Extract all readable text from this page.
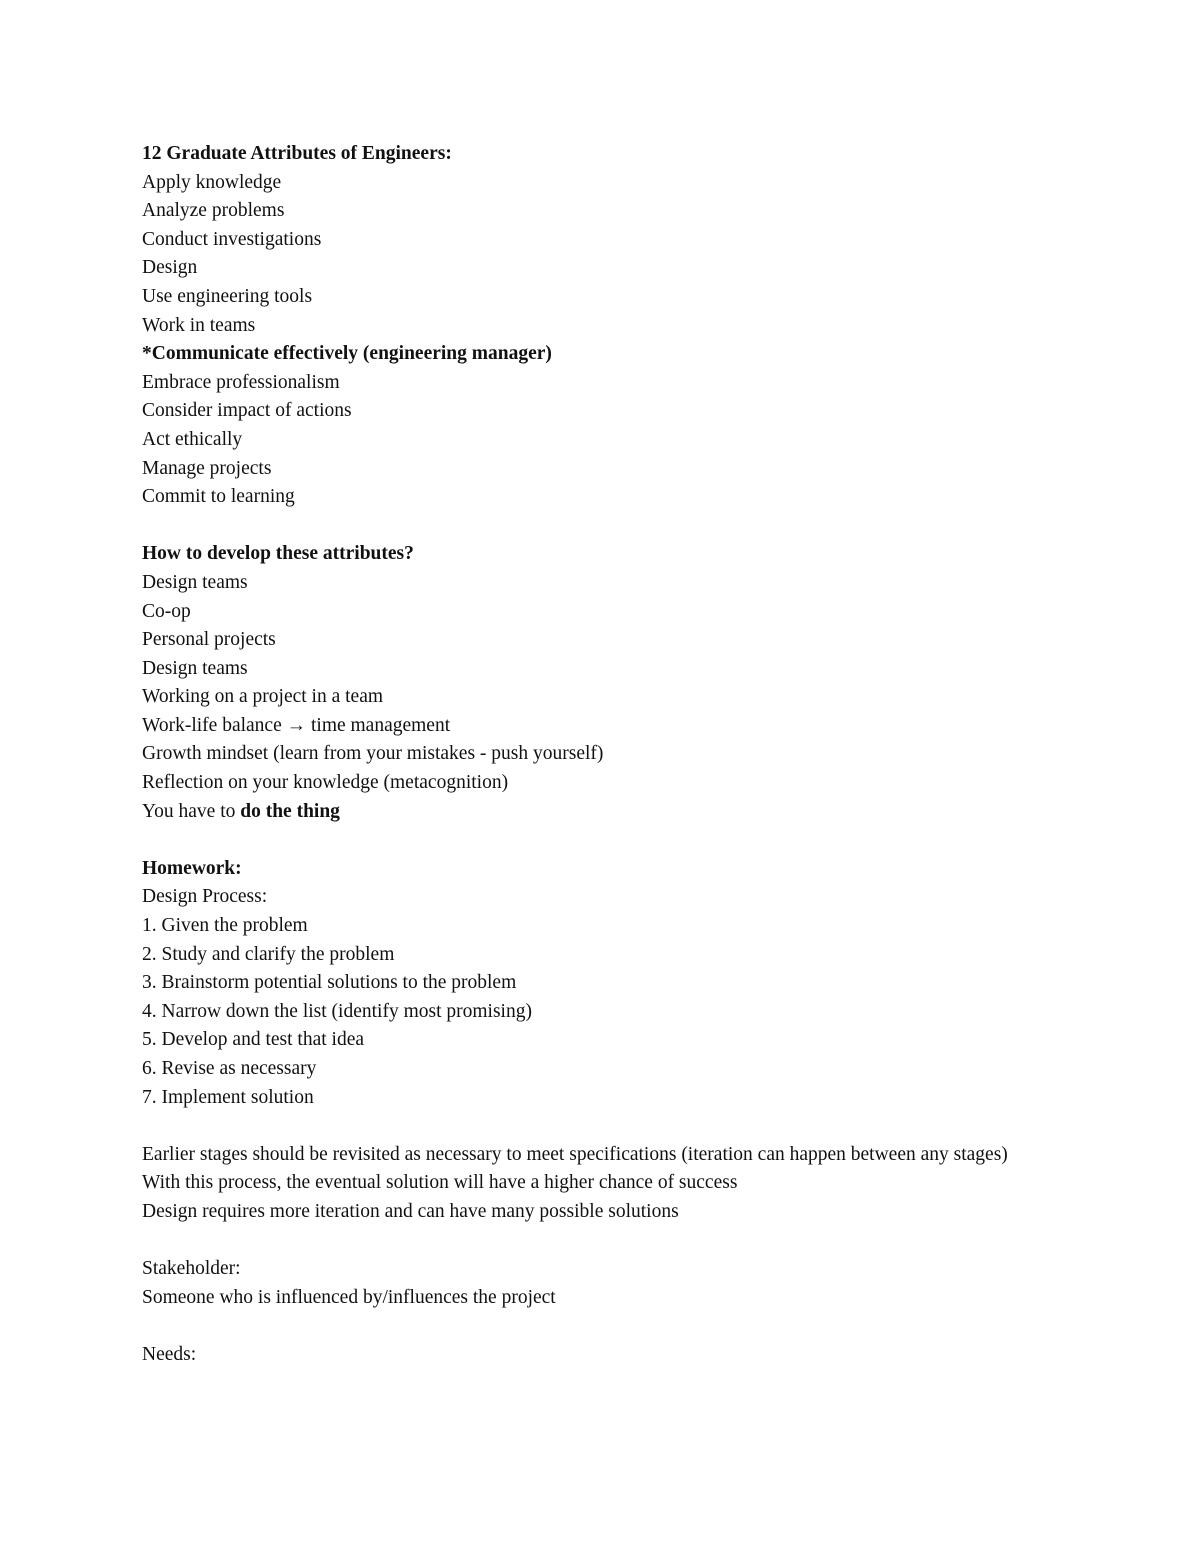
12 Graduate Attributes of Engineers:

Apply knowledge

Analyze problems

Conduct investigations

Design

Use engineering tools

Work in teams

*Communicate effectively (engineering manager)

Embrace professionalism

Consider impact of actions

Act ethically

Manage projects

Commit to learning

How to develop these attributes?

Design teams

Co-op

Personal projects

Design teams

Working on a project in a team

Work-life balance → time management

Growth mindset (learn from your mistakes - push yourself)

Reflection on your knowledge (metacognition)

You have to do the thing

Homework:

Design Process:

1. Given the problem

2. Study and clarify the problem

3. Brainstorm potential solutions to the problem

4. Narrow down the list (identify most promising)

5. Develop and test that idea

6. Revise as necessary

7. Implement solution

Earlier stages should be revisited as necessary to meet specifications (iteration can happen between any stages)

With this process, the eventual solution will have a higher chance of success

Design requires more iteration and can have many possible solutions

Stakeholder:

Someone who is influenced by/influences the project

Needs:
